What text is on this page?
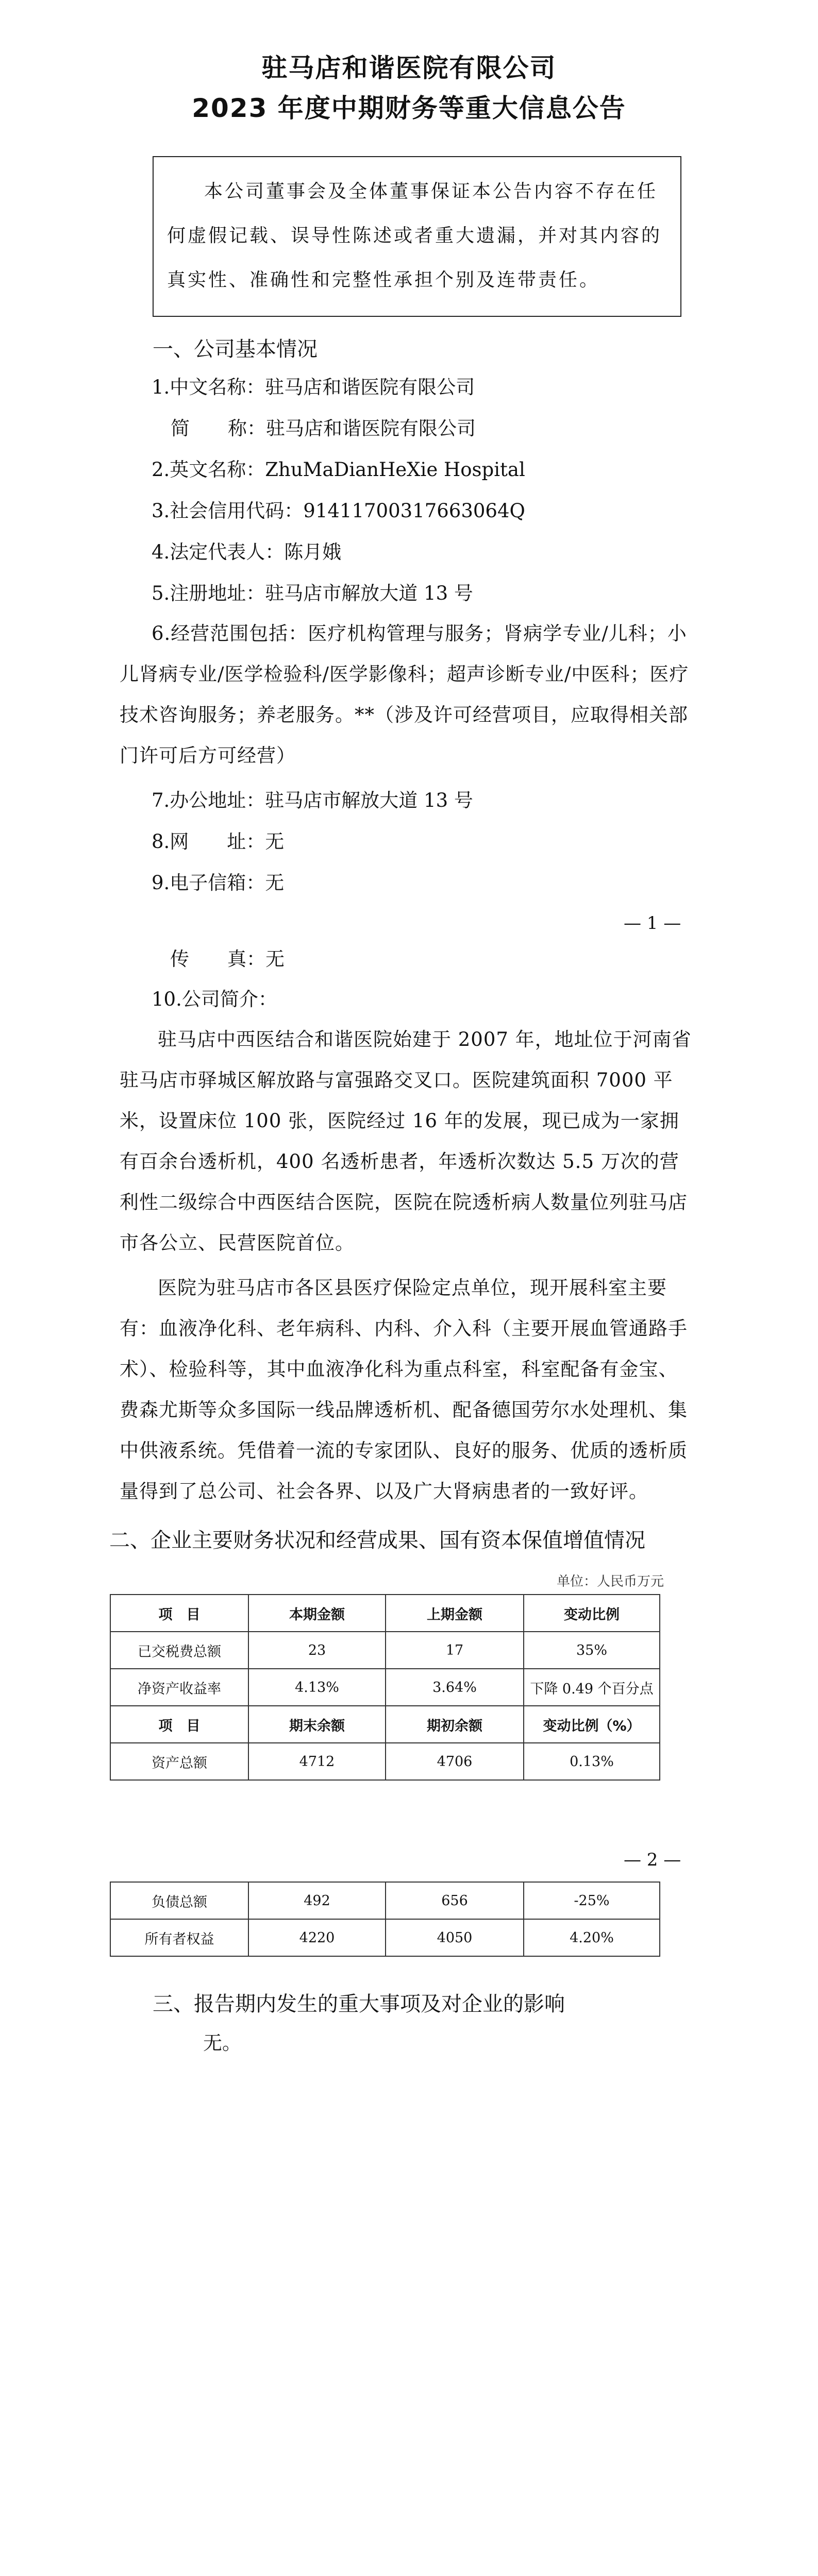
驻马店和谐医院有限公司
2023 年度中期财务等重大信息公告

本公司董事会及全体董事保证本公告内容不存在任何虚假记载、误导性陈述或者重大遗漏，并对其内容的真实性、准确性和完整性承担个别及连带责任。

一、公司基本情况
1.中文名称：驻马店和谐医院有限公司
　简　　称：驻马店和谐医院有限公司
2.英文名称：ZhuMaDianHeXie Hospital
3.社会信用代码：91411700317663064Q
4.法定代表人：陈月娥
5.注册地址：驻马店市解放大道 13 号

6.经营范围包括：医疗机构管理与服务；肾病学专业/儿科；小儿肾病专业/医学检验科/医学影像科；超声诊断专业/中医科；医疗技术咨询服务；养老服务。**（涉及许可经营项目，应取得相关部门许可后方可经营）

7.办公地址：驻马店市解放大道 13 号
8.网　　址：无
9.电子信箱：无
— 1 —
传　　真：无
10.公司简介：

驻马店中西医结合和谐医院始建于 2007 年，地址位于河南省驻马店市驿城区解放路与富强路交叉口。医院建筑面积 7000 平米，设置床位 100 张，医院经过 16 年的发展，现已成为一家拥有百余台透析机，400 名透析患者，年透析次数达 5.5 万次的营利性二级综合中西医结合医院，医院在院透析病人数量位列驻马店市各公立、民营医院首位。

医院为驻马店市各区县医疗保险定点单位，现开展科室主要有：血液净化科、老年病科、内科、介入科（主要开展血管通路手术）、检验科等，其中血液净化科为重点科室，科室配备有金宝、费森尤斯等众多国际一线品牌透析机、配备德国劳尔水处理机、集中供液系统。凭借着一流的专家团队、良好的服务、优质的透析质量得到了总公司、社会各界、以及广大肾病患者的一致好评。

二、企业主要财务状况和经营成果、国有资本保值增值情况
单位：人民币万元
项　目	本期金额	上期金额	变动比例
已交税费总额	23	17	35%
净资产收益率	4.13%	3.64%	下降 0.49 个百分点
项　目	期末余额	期初余额	变动比例（%）
资产总额	4712	4706	0.13%
— 2 —
负债总额	492	656	-25%
所有者权益	4220	4050	4.20%
三、报告期内发生的重大事项及对企业的影响
无。
